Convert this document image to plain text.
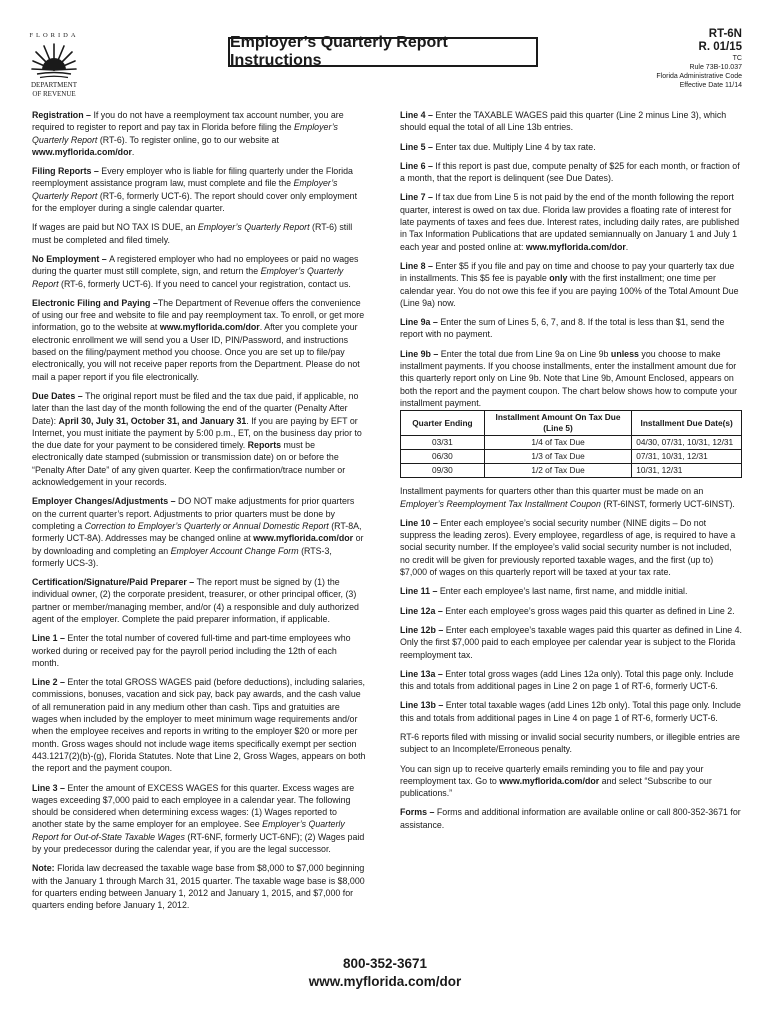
FLORIDA
DEPARTMENT
OF REVENUE
Employer’s Quarterly Report Instructions
RT-6N
R. 01/15
TC
Rule 73B-10.037
Florida Administrative Code
Effective Date 11/14

Registration – If you do not have a reemployment tax account number, you are required to register to report and pay tax in Florida before filing the Employer’s Quarterly Report (RT-6). To register online, go to our website at www.myflorida.com/dor.

Filing Reports – Every employer who is liable for filing quarterly under the Florida reemployment assistance program law, must complete and file the Employer’s Quarterly Report (RT-6, formerly UCT-6). The report should cover only employment for the employer during a single calendar quarter.

If wages are paid but NO TAX IS DUE, an Employer’s Quarterly Report (RT-6) still must be completed and filed timely.

No Employment – A registered employer who had no employees or paid no wages during the quarter must still complete, sign, and return the Employer’s Quarterly Report (RT-6, formerly UCT-6). If you need to cancel your registration, contact us.

Electronic Filing and Paying –The Department of Revenue offers the convenience of using our free and website to file and pay reemployment tax. To enroll, or get more information, go to the website at www.myflorida.com/dor. After you complete your electronic enrollment we will send you a User ID, PIN/Password, and instructions based on the filing/payment method you choose. Once you are set up to file/pay electronically, you will not receive paper reports from the Department. Please do not mail a paper report if you file electronically.

Due Dates – The original report must be filed and the tax due paid, if applicable, no later than the last day of the month following the end of the quarter (Penalty After Date): April 30, July 31, October 31, and January 31. If you are paying by EFT or Internet, you must initiate the payment by 5:00 p.m., ET, on the business day prior to the due date for your payment to be considered timely. Reports must be electronically date stamped (submission or transmission date) on or before the “Penalty After Date” of any given quarter. Keep the confirmation/trace number or acknowledgement in your records.

Employer Changes/Adjustments – DO NOT make adjustments for prior quarters on the current quarter’s report. Adjustments to prior quarters must be done by completing a Correction to Employer’s Quarterly or Annual Domestic Report (RT-8A, formerly UCT-8A). Addresses may be changed online at www.myflorida.com/dor or by downloading and completing an Employer Account Change Form (RTS-3, formerly UCS-3).

Certification/Signature/Paid Preparer – The report must be signed by (1) the individual owner, (2) the corporate president, treasurer, or other principal officer, (3) partner or member/managing member, and/or (4) a responsible and duly authorized agent of the employer. Complete the paid preparer information, if applicable.

Line 1 – Enter the total number of covered full-time and part-time employees who worked during or received pay for the payroll period including the 12th of each month.

Line 2 – Enter the total GROSS WAGES paid (before deductions), including salaries, commissions, bonuses, vacation and sick pay, back pay awards, and the cash value of all remuneration paid in any medium other than cash. Tips and gratuities are wages when included by the employer to meet minimum wage requirements and/or when the employee receives and reports in writing to the employer $20 or more per month. Gross wages should not include wage items specifically exempt per section 443.1217(2)(b)-(g), Florida Statutes. Note that Line 2, Gross Wages, appears on both the report and the payment coupon.

Line 3 – Enter the amount of EXCESS WAGES for this quarter. Excess wages are wages exceeding $7,000 paid to each employee in a calendar year. The following should be considered when determining excess wages: (1) Wages reported to another state by the same employer for an employee. See Employer’s Quarterly Report for Out-of-State Taxable Wages (RT-6NF, formerly UCT-6NF); (2) Wages paid by your predecessor during the calendar year, if you are the legal successor.

Note: Florida law decreased the taxable wage base from $8,000 to $7,000 beginning with the January 1 through March 31, 2015 quarter. The taxable wage base is $8,000 for quarters ending between January 1, 2012 and January 1, 2015, and $7,000 for quarters ending before January 1, 2012.

Line 4 – Enter the TAXABLE WAGES paid this quarter (Line 2 minus Line 3), which should equal the total of all Line 13b entries.

Line 5 – Enter tax due. Multiply Line 4 by tax rate.

Line 6 – If this report is past due, compute penalty of $25 for each month, or fraction of a month, that the report is delinquent (see Due Dates).

Line 7 – If tax due from Line 5 is not paid by the end of the month following the report quarter, interest is owed on tax due. Florida law provides a floating rate of interest for late payments of taxes and fees due. Interest rates, including daily rates, are published in Tax Information Publications that are updated semiannually on January 1 and July 1 each year and posted online at: www.myflorida.com/dor.

Line 8 – Enter $5 if you file and pay on time and choose to pay your quarterly tax due in installments. This $5 fee is payable only with the first installment; one time per calendar year. You do not owe this fee if you are paying 100% of the Total Amount Due (Line 9a) now.

Line 9a – Enter the sum of Lines 5, 6, 7, and 8. If the total is less than $1, send the report with no payment.

Line 9b – Enter the total due from Line 9a on Line 9b unless you choose to make installment payments. If you choose installments, enter the installment amount due for this quarterly report only on Line 9b. Note that Line 9b, Amount Enclosed, appears on both the report and the payment coupon. The chart below shows how to compute your installment payment.

Quarter Ending	Installment Amount On Tax Due (Line 5)	Installment Due Date(s)
03/31	1/4 of Tax Due	04/30, 07/31, 10/31, 12/31
06/30	1/3 of Tax Due	07/31, 10/31, 12/31
09/30	1/2 of Tax Due	10/31, 12/31

Installment payments for quarters other than this quarter must be made on an Employer’s Reemployment Tax Installment Coupon (RT-6INST, formerly UCT-6INST).

Line 10 – Enter each employee’s social security number (NINE digits – Do not suppress the leading zeros). Every employee, regardless of age, is required to have a social security number. If the employee’s valid social security number is not included, no credit will be given for previously reported taxable wages, and the first (up to) $7,000 of wages on this quarterly report will be taxed at your tax rate.

Line 11 – Enter each employee’s last name, first name, and middle initial.

Line 12a – Enter each employee’s gross wages paid this quarter as defined in Line 2.

Line 12b – Enter each employee’s taxable wages paid this quarter as defined in Line 4. Only the first $7,000 paid to each employee per calendar year is subject to the Florida reemployment tax.

Line 13a – Enter total gross wages (add Lines 12a only). Total this page only. Include this and totals from additional pages in Line 2 on page 1 of RT-6, formerly UCT-6.

Line 13b – Enter total taxable wages (add Lines 12b only). Total this page only. Include this and totals from additional pages in Line 4 on page 1 of RT-6, formerly UCT-6.

RT-6 reports filed with missing or invalid social security numbers, or illegible entries are subject to an Incomplete/Erroneous penalty.

You can sign up to receive quarterly emails reminding you to file and pay your reemployment tax. Go to www.myflorida.com/dor and select “Subscribe to our publications.”

Forms – Forms and additional information are available online or call 800-352-3671 for assistance.

800-352-3671
www.myflorida.com/dor
